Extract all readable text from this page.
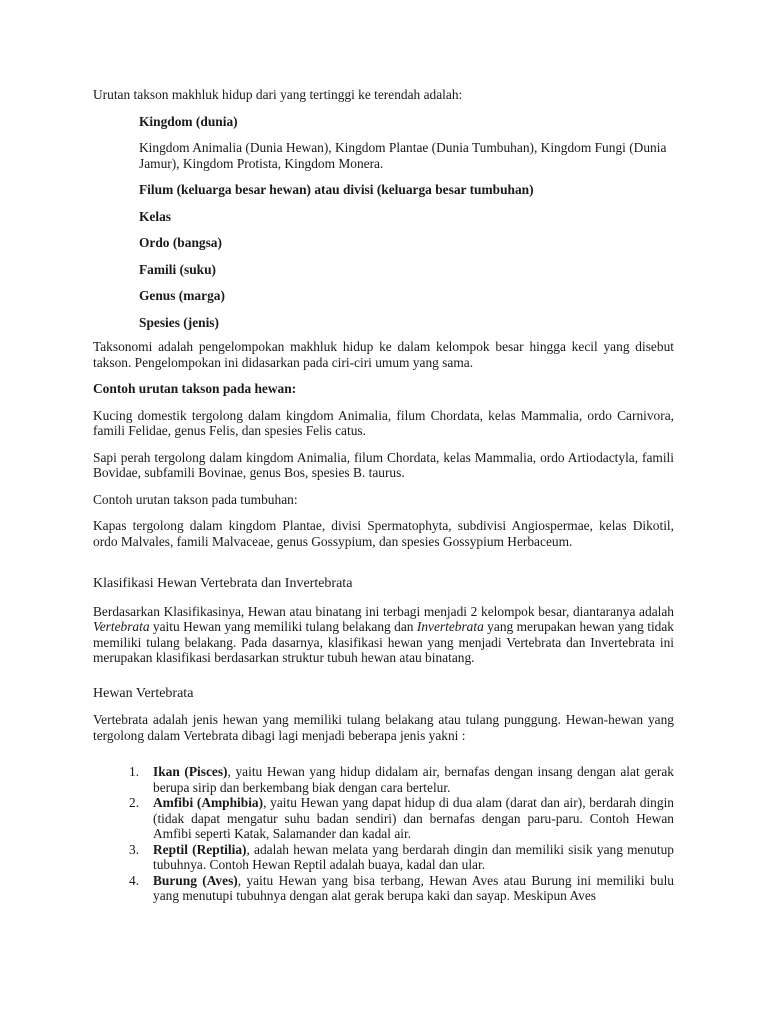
Urutan takson makhluk hidup dari yang tertinggi ke terendah adalah:

Kingdom (dunia)

Kingdom Animalia (Dunia Hewan), Kingdom Plantae (Dunia Tumbuhan), Kingdom Fungi (Dunia Jamur), Kingdom Protista, Kingdom Monera.

Filum (keluarga besar hewan) atau divisi (keluarga besar tumbuhan)

Kelas

Ordo (bangsa)

Famili (suku)

Genus (marga)

Spesies (jenis)

Taksonomi adalah pengelompokan makhluk hidup ke dalam kelompok besar hingga kecil yang disebut takson. Pengelompokan ini didasarkan pada ciri-ciri umum yang sama.

Contoh urutan takson pada hewan:

Kucing domestik tergolong dalam kingdom Animalia, filum Chordata, kelas Mammalia, ordo Carnivora, famili Felidae, genus Felis, dan spesies Felis catus.

Sapi perah tergolong dalam kingdom Animalia, filum Chordata, kelas Mammalia, ordo Artiodactyla, famili Bovidae, subfamili Bovinae, genus Bos, spesies B. taurus.

Contoh urutan takson pada tumbuhan:

Kapas tergolong dalam kingdom Plantae, divisi Spermatophyta, subdivisi Angiospermae, kelas Dikotil, ordo Malvales, famili Malvaceae, genus Gossypium, dan spesies Gossypium Herbaceum.

Klasifikasi Hewan Vertebrata dan Invertebrata

Berdasarkan Klasifikasinya, Hewan atau binatang ini terbagi menjadi 2 kelompok besar, diantaranya adalah Vertebrata yaitu Hewan yang memiliki tulang belakang dan Invertebrata yang merupakan hewan yang tidak memiliki tulang belakang. Pada dasarnya, klasifikasi hewan yang menjadi Vertebrata dan Invertebrata ini merupakan klasifikasi berdasarkan struktur tubuh hewan atau binatang.

Hewan Vertebrata

Vertebrata adalah jenis hewan yang memiliki tulang belakang atau tulang punggung. Hewan-hewan yang tergolong dalam Vertebrata dibagi lagi menjadi beberapa jenis yakni :

1. Ikan (Pisces), yaitu Hewan yang hidup didalam air, bernafas dengan insang dengan alat gerak berupa sirip dan berkembang biak dengan cara bertelur.
2. Amfibi (Amphibia), yaitu Hewan yang dapat hidup di dua alam (darat dan air), berdarah dingin (tidak dapat mengatur suhu badan sendiri) dan bernafas dengan paru-paru. Contoh Hewan Amfibi seperti Katak, Salamander dan kadal air.
3. Reptil (Reptilia), adalah hewan melata yang berdarah dingin dan memiliki sisik yang menutup tubuhnya. Contoh Hewan Reptil adalah buaya, kadal dan ular.
4. Burung (Aves), yaitu Hewan yang bisa terbang, Hewan Aves atau Burung ini memiliki bulu yang menutupi tubuhnya dengan alat gerak berupa kaki dan sayap. Meskipun Aves
